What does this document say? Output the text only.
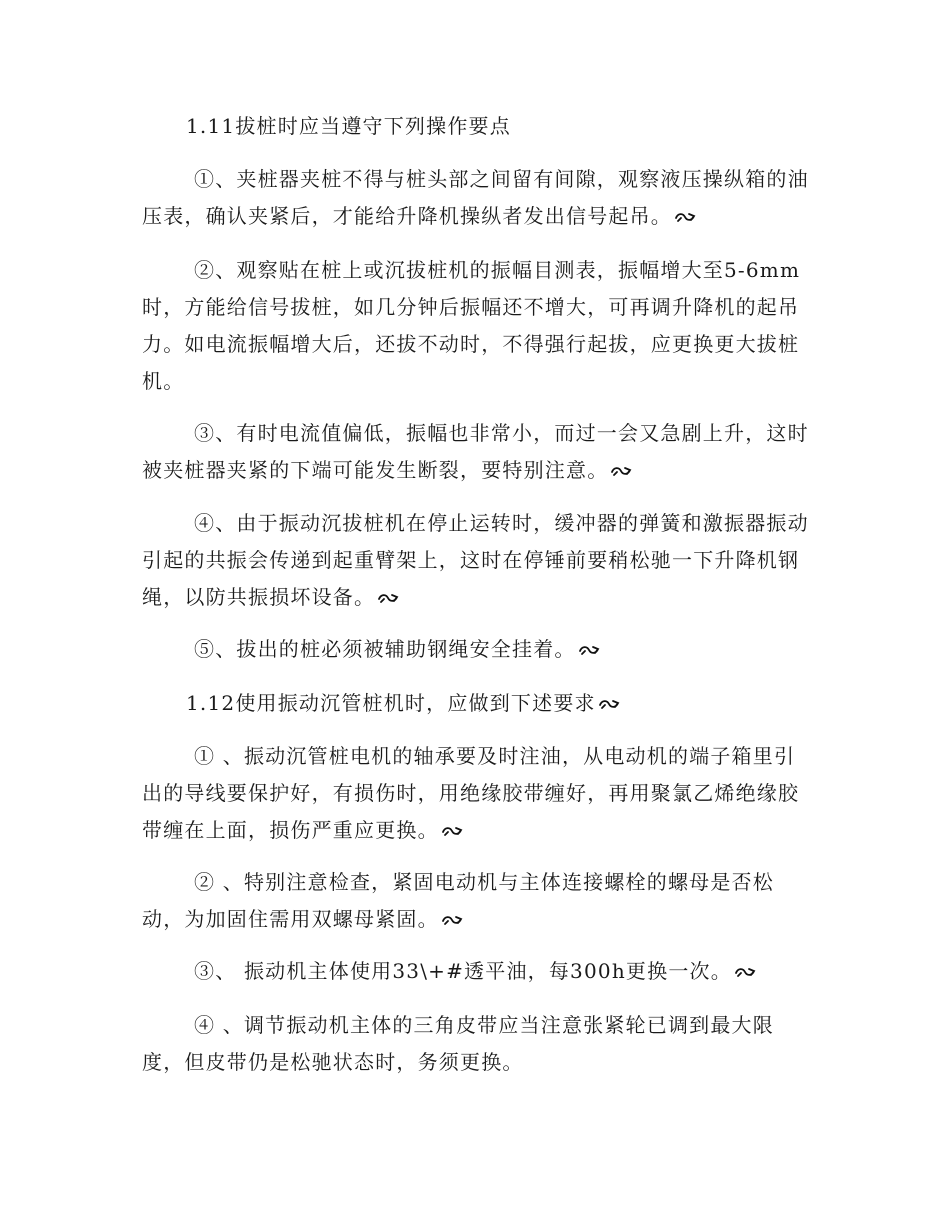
1.11拔桩时应当遵守下列操作要点

①、夹桩器夹桩不得与桩头部之间留有间隙，观察液压操纵箱的油压表，确认夹紧后，才能给升降机操纵者发出信号起吊。

②、观察贴在桩上或沉拔桩机的振幅目测表，振幅增大至5-6mm时，方能给信号拔桩，如几分钟后振幅还不增大，可再调升降机的起吊力。如电流振幅增大后，还拔不动时，不得强行起拔，应更换更大拔桩机。

③、有时电流值偏低，振幅也非常小，而过一会又急剧上升，这时被夹桩器夹紧的下端可能发生断裂，要特别注意。

④、由于振动沉拔桩机在停止运转时，缓冲器的弹簧和激振器振动引起的共振会传递到起重臂架上，这时在停锤前要稍松驰一下升降机钢绳，以防共振损坏设备。

⑤、拔出的桩必须被辅助钢绳安全挂着。

1.12使用振动沉管桩机时，应做到下述要求

① 、振动沉管桩电机的轴承要及时注油，从电动机的端子箱里引出的导线要保护好，有损伤时，用绝缘胶带缠好，再用聚氯乙烯绝缘胶带缠在上面，损伤严重应更换。

② 、特别注意检查，紧固电动机与主体连接螺栓的螺母是否松动，为加固住需用双螺母紧固。

③、 振动机主体使用33\+#透平油，每300h更换一次。

④ 、调节振动机主体的三角皮带应当注意张紧轮已调到最大限度，但皮带仍是松驰状态时，务须更换。
